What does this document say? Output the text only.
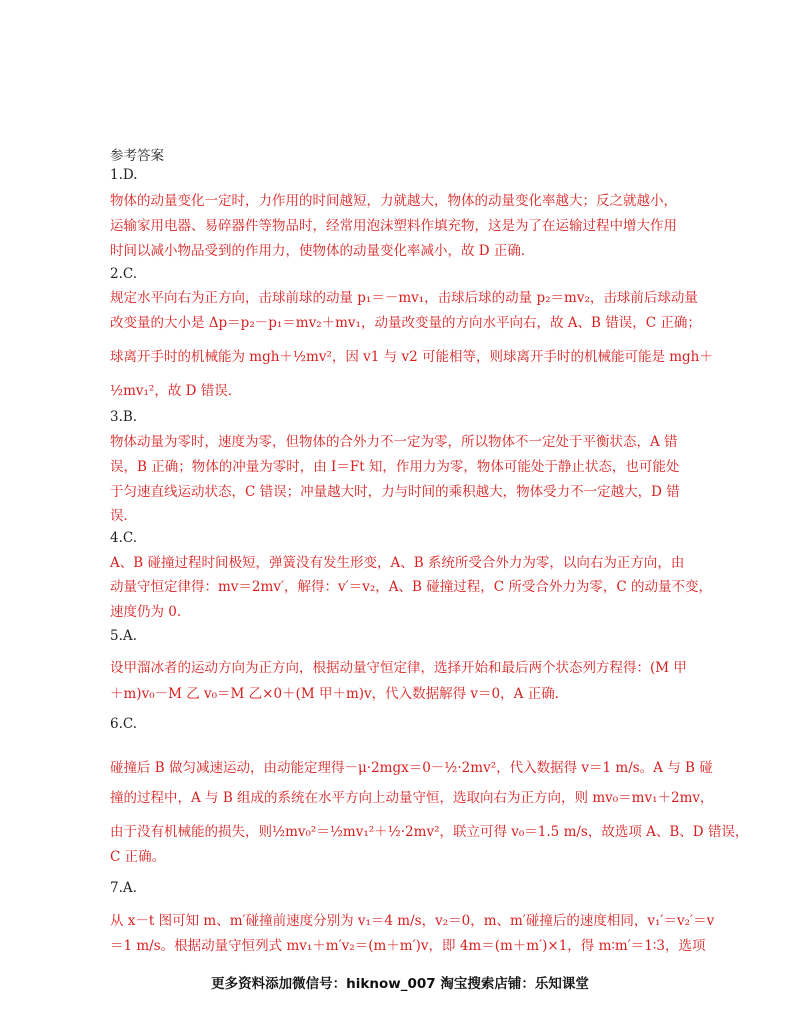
参考答案
1.D.
物体的动量变化一定时，力作用的时间越短，力就越大，物体的动量变化率越大；反之就越小，
运输家用电器、易碎器件等物品时，经常用泡沫塑料作填充物，这是为了在运输过程中增大作用
时间以减小物品受到的作用力，使物体的动量变化率减小，故 D 正确．
2.C.
规定水平向右为正方向，击球前球的动量 p₁＝－mv₁，击球后球的动量 p₂＝mv₂，击球前后球动量
改变量的大小是 Δp＝p₂－p₁＝mv₂＋mv₁，动量改变量的方向水平向右，故 A、B 错误，C 正确；
球离开手时的机械能为 mgh＋½mv²，因 v1 与 v2 可能相等，则球离开手时的机械能可能是 mgh＋
½mv₁²，故 D 错误．
3.B.
物体动量为零时，速度为零，但物体的合外力不一定为零，所以物体不一定处于平衡状态，A 错
误，B 正确；物体的冲量为零时，由 I＝Ft 知，作用力为零，物体可能处于静止状态，也可能处
于匀速直线运动状态，C 错误；冲量越大时，力与时间的乘积越大，物体受力不一定越大，D 错
误．
4.C.
A、B 碰撞过程时间极短，弹簧没有发生形变，A、B 系统所受合外力为零，以向右为正方向，由
动量守恒定律得：mv＝2mv′，解得：v′＝v₂，A、B 碰撞过程，C 所受合外力为零，C 的动量不变，
速度仍为 0.
5.A.
设甲溜冰者的运动方向为正方向，根据动量守恒定律，选择开始和最后两个状态列方程得：(M 甲
＋m)v₀－M 乙 v₀＝M 乙×0＋(M 甲＋m)v，代入数据解得 v＝0，A 正确．
6.C.
碰撞后 B 做匀减速运动，由动能定理得－μ·2mgx＝0－½·2mv²，代入数据得 v＝1 m/s。A 与 B 碰
撞的过程中，A 与 B 组成的系统在水平方向上动量守恒，选取向右为正方向，则 mv₀＝mv₁＋2mv，
由于没有机械能的损失，则½mv₀²＝½mv₁²＋½·2mv²，联立可得 v₀＝1.5 m/s，故选项 A、B、D 错误，
C 正确。
7.A.
从 x－t 图可知 m、m′碰撞前速度分别为 v₁＝4 m/s，v₂＝0，m、m′碰撞后的速度相同，v₁′＝v₂′＝v
＝1 m/s。根据动量守恒列式 mv₁＋m′v₂＝(m＋m′)v，即 4m＝(m＋m′)×1，得 m∶m′＝1∶3，选项
更多资料添加微信号：hiknow_007 淘宝搜索店铺：乐知课堂
